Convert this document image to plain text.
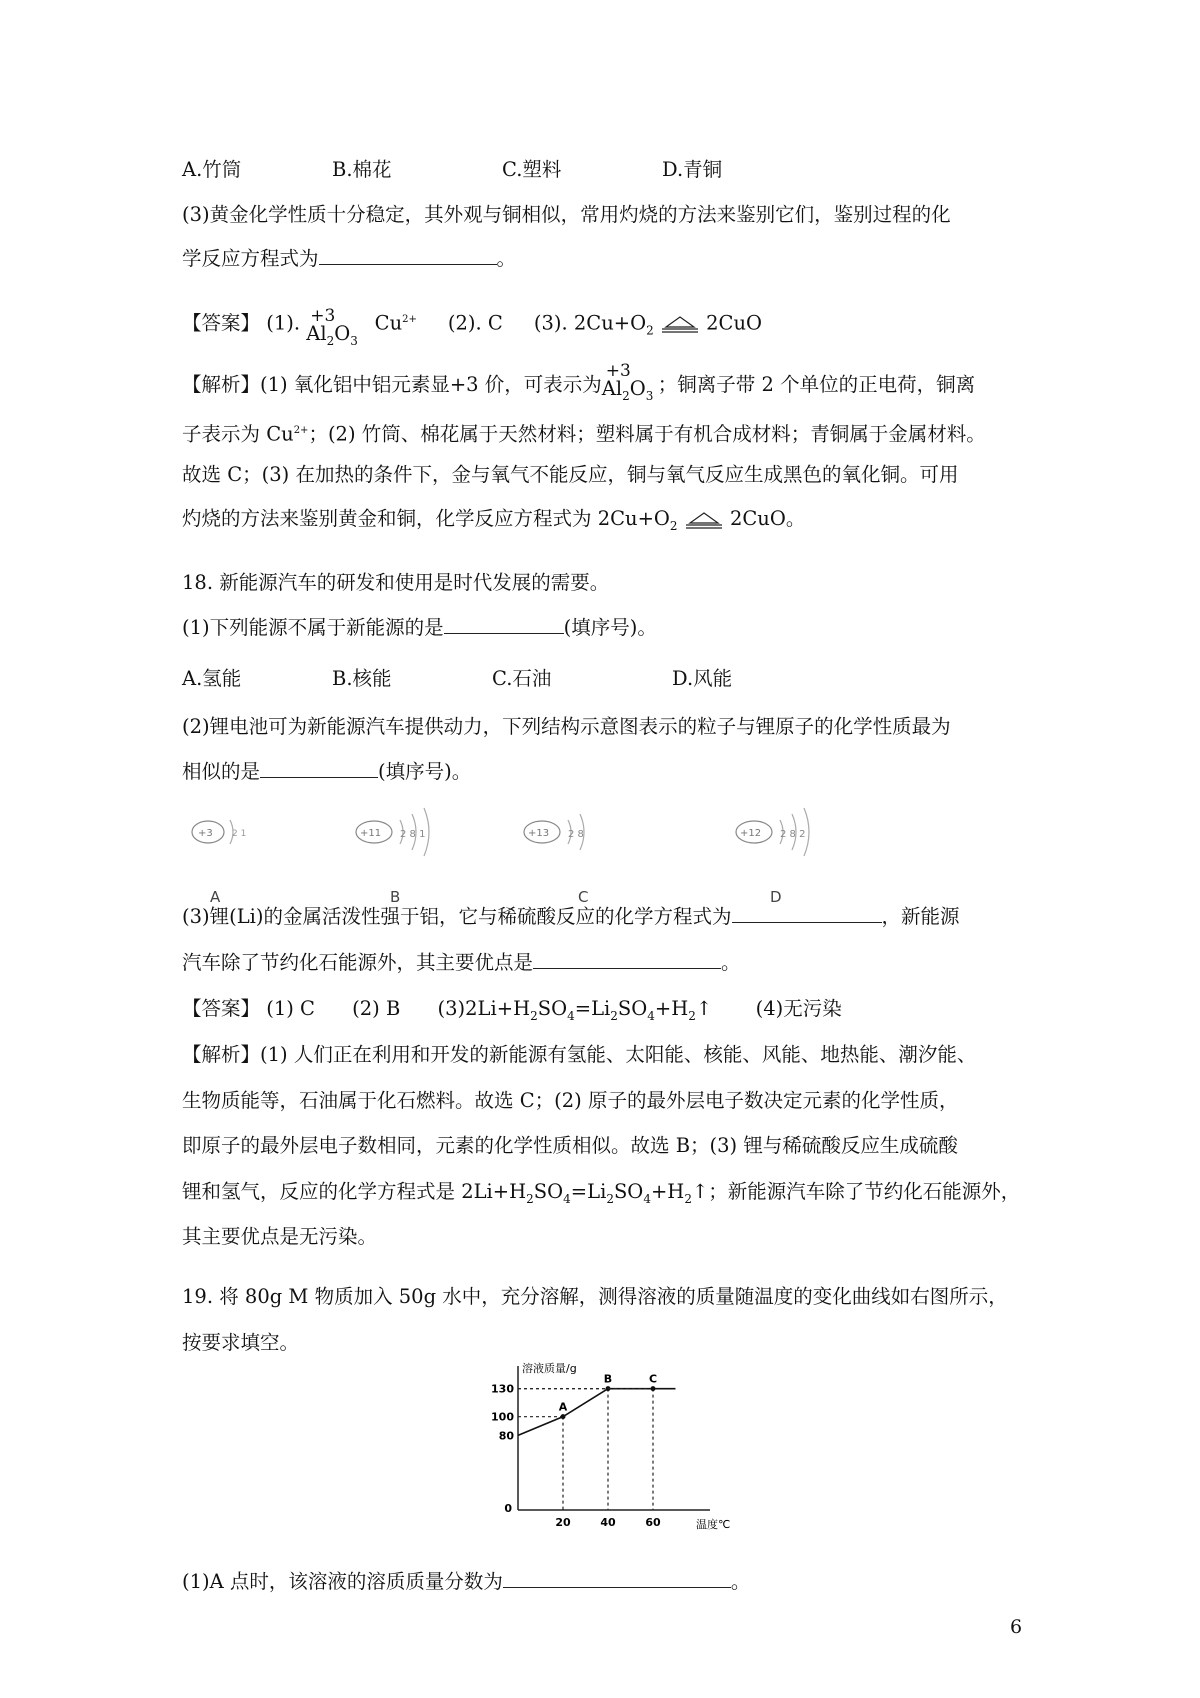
A.竹筒	B.棉花	C.塑料	D.青铜
(3)黄金化学性质十分稳定，其外观与铜相似，常用灼烧的方法来鉴别它们，鉴别过程的化
学反应方程式为	。
【答案】 (1). +3
$Al_2O_3$
$Cu^{2+}$ (2). C (3). $2Cu+O_2$	2CuO
【解析】(1) 氧化铝中铝元素显+3 价，可表示为
+3
$Al_2O_3$ ；铜离子带 2 个单位的正电荷，铜离
子表示为 $Cu^{2+}$；(2) 竹筒、棉花属于天然材料；塑料属于有机合成材料；青铜属于金属材料。
故选 C；(3) 在加热的条件下，金与氧气不能反应，铜与氧气反应生成黑色的氧化铜。可用
灼烧的方法来鉴别黄金和铜，化学反应方程式为 $2Cu+O_2$	2CuO。
18. 新能源汽车的研发和使用是时代发展的需要。
(1)下列能源不属于新能源的是	(填序号)。
A.氢能	B.核能	C.石油	D.风能
(2)锂电池可为新能源汽车提供动力，下列结构示意图表示的粒子与锂原子的化学性质最为
相似的是	(填序号)。
+3 2 1
A
+11 2 8 1
B
+13 2 8
C
+12 2 8 2
D
(3)锂(Li)的金属活泼性强于铝，它与稀硫酸反应的化学方程式为	，新能源
汽车除了节约化石能源外，其主要优点是	。
【答案】 (1) C (2) B $(3)2Li+H_2SO_4=Li_2SO_4+H_2↑$ (4)无污染
【解析】(1) 人们正在利用和开发的新能源有氢能、太阳能、核能、风能、地热能、潮汐能、
生物质能等，石油属于化石燃料。故选 C；(2) 原子的最外层电子数决定元素的化学性质，
即原子的最外层电子数相同，元素的化学性质相似。故选 B；(3) 锂与稀硫酸反应生成硫酸
锂和氢气，反应的化学方程式是 $2Li+H_2SO_4=Li_2SO_4+H_2↑$；新能源汽车除了节约化石能源外，
其主要优点是无污染。
19. 将 80g M 物质加入 50g 水中，充分溶解，测得溶液的质量随温度的变化曲线如右图所示，
按要求填空。
0
溶液质量/g
温度℃
20	40	60
80
100
130
A
B	C
(1)A 点时，该溶液的溶质质量分数为	。
6
